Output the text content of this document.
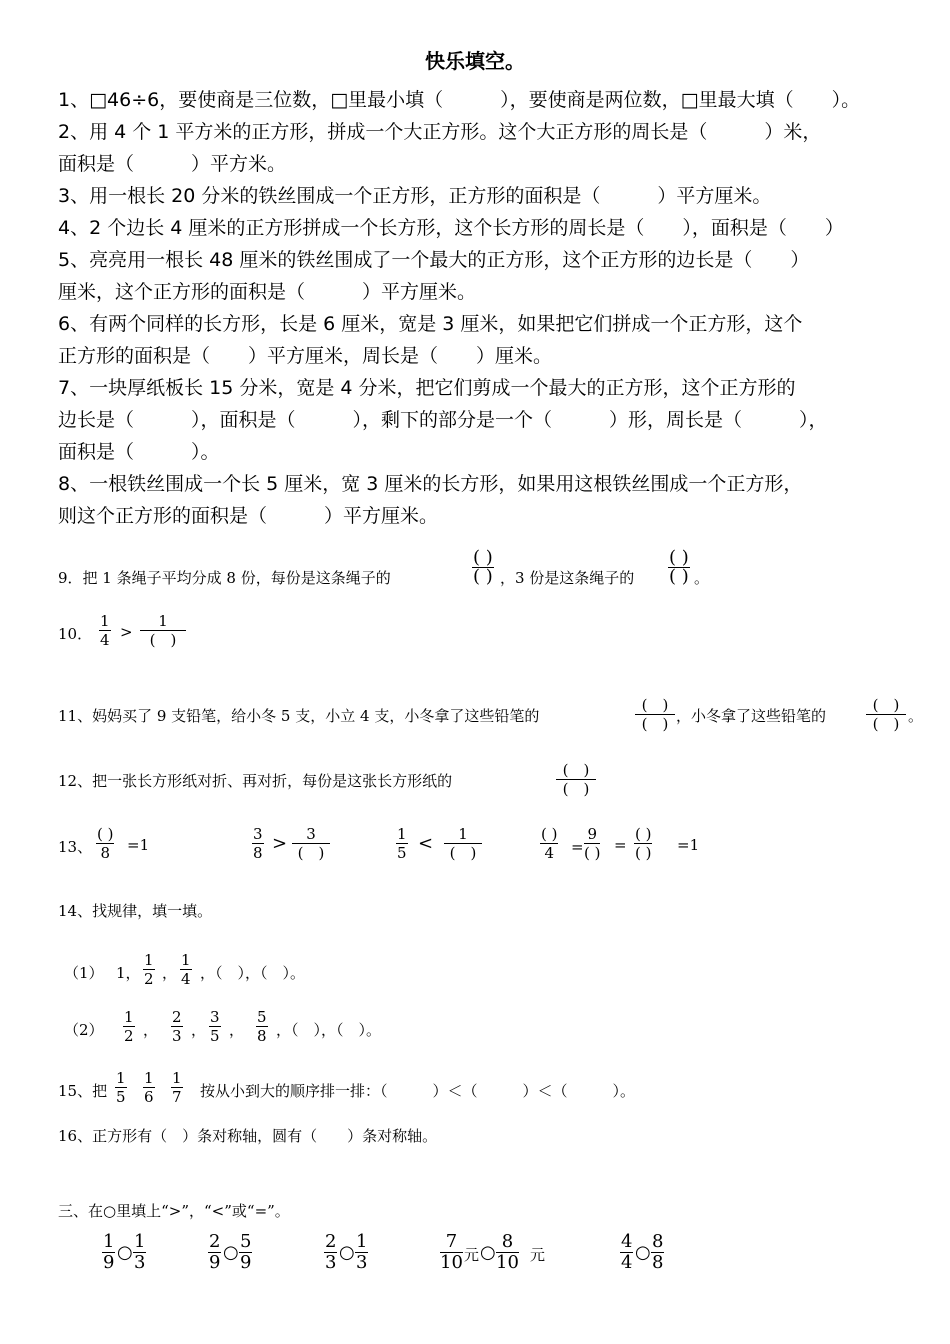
快乐填空。
1、□46÷6，要使商是三位数，□里最小填（　　　），要使商是两位数，□里最大填（　　）。
2、用 4 个 1 平方米的正方形，拼成一个大正方形。这个大正方形的周长是（　　　）米，
面积是（　　　）平方米。
3、用一根长 20 分米的铁丝围成一个正方形，正方形的面积是（　　　）平方厘米。
4、2 个边长 4 厘米的正方形拼成一个长方形，这个长方形的周长是（　　），面积是（　　）
5、亮亮用一根长 48 厘米的铁丝围成了一个最大的正方形，这个正方形的边长是（　　）
厘米，这个正方形的面积是（　　　）平方厘米。
6、有两个同样的长方形，长是 6 厘米，宽是 3 厘米，如果把它们拼成一个正方形，这个
正方形的面积是（　　）平方厘米，周长是（　　）厘米。
7、一块厚纸板长 15 分米，宽是 4 分米，把它们剪成一个最大的正方形，这个正方形的
边长是（　　　），面积是（　　　），剩下的部分是一个（　　　）形，周长是（　　　），
面积是（　　　）。
8、一根铁丝围成一个长 5 厘米，宽 3 厘米的长方形，如果用这根铁丝围成一个正方形，
则这个正方形的面积是（　　　）平方厘米。
9．把 1 条绳子平均分成 8 份，每份是这条绳子的
( )
( ) ，3 份是这条绳子的
( )
( ) 。
10． $\frac{1}{4}$ >
1
(　)
11、妈妈买了 9 支铅笔，给小冬 5 支，小立 4 支，小冬拿了这些铅笔的
(　)
(　) ，小冬拿了这些铅笔的
(　)
(　) 。
12、把一张长方形纸对折、再对折，每份是这张长方形纸的
(　)
(　)
13、
( )
8 =1	$\frac{3}{8}$ >	3
(　)	$\frac{1}{5}$ <	1
(　)
( )
4 =
9
( ) =
( )
( ) =1
14、找规律，填一填。
（1） 1， $\frac{1}{2}$ ， $\frac{1}{4}$ ，（　），（　）。
$(2) \frac{1}{2}$ ， $\frac{2}{3}$ ， $\frac{3}{5}$ ， $\frac{5}{8}$ ，（　），（　）。
15、把 $\frac{1}{5} \frac{1}{6} \frac{1}{7}$ 按从小到大的顺序排一排：（　　　）＜（　　　）＜（　　　）。
16、正方形有（　）条对称轴，圆有（　　）条对称轴。
三、在○里填上“>”，“<”或“=”。
$\frac{1}{9}$ ○ $\frac{1}{3}$	$\frac{2}{9}$ ○ $\frac{5}{9}$	$\frac{2}{3}$ ○ $\frac{1}{3}$	$\frac{7}{10}$ 元 ○ $\frac{8}{10}$ 元	$\frac{4}{4}$ ○ $\frac{8}{8}$
